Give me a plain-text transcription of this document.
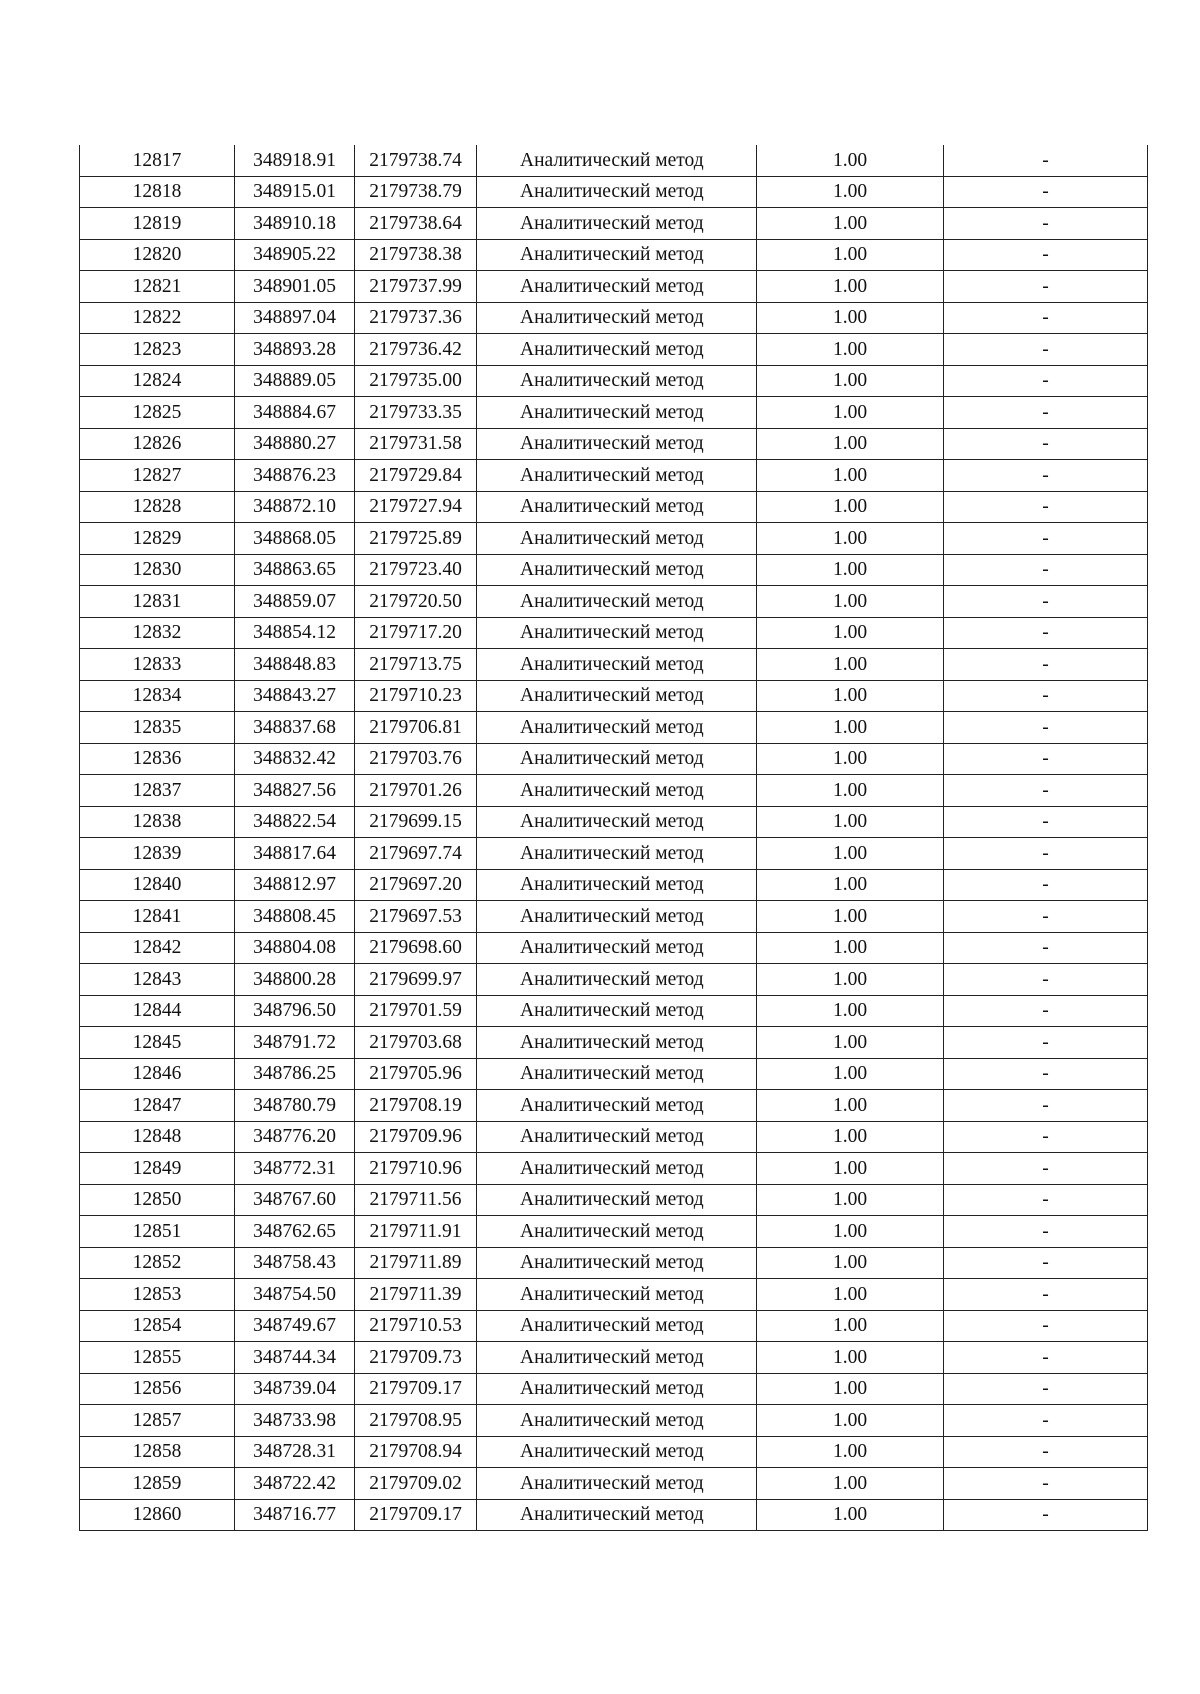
12817	348918.91	2179738.74	Аналитический метод	1.00	-
12818	348915.01	2179738.79	Аналитический метод	1.00	-
12819	348910.18	2179738.64	Аналитический метод	1.00	-
12820	348905.22	2179738.38	Аналитический метод	1.00	-
12821	348901.05	2179737.99	Аналитический метод	1.00	-
12822	348897.04	2179737.36	Аналитический метод	1.00	-
12823	348893.28	2179736.42	Аналитический метод	1.00	-
12824	348889.05	2179735.00	Аналитический метод	1.00	-
12825	348884.67	2179733.35	Аналитический метод	1.00	-
12826	348880.27	2179731.58	Аналитический метод	1.00	-
12827	348876.23	2179729.84	Аналитический метод	1.00	-
12828	348872.10	2179727.94	Аналитический метод	1.00	-
12829	348868.05	2179725.89	Аналитический метод	1.00	-
12830	348863.65	2179723.40	Аналитический метод	1.00	-
12831	348859.07	2179720.50	Аналитический метод	1.00	-
12832	348854.12	2179717.20	Аналитический метод	1.00	-
12833	348848.83	2179713.75	Аналитический метод	1.00	-
12834	348843.27	2179710.23	Аналитический метод	1.00	-
12835	348837.68	2179706.81	Аналитический метод	1.00	-
12836	348832.42	2179703.76	Аналитический метод	1.00	-
12837	348827.56	2179701.26	Аналитический метод	1.00	-
12838	348822.54	2179699.15	Аналитический метод	1.00	-
12839	348817.64	2179697.74	Аналитический метод	1.00	-
12840	348812.97	2179697.20	Аналитический метод	1.00	-
12841	348808.45	2179697.53	Аналитический метод	1.00	-
12842	348804.08	2179698.60	Аналитический метод	1.00	-
12843	348800.28	2179699.97	Аналитический метод	1.00	-
12844	348796.50	2179701.59	Аналитический метод	1.00	-
12845	348791.72	2179703.68	Аналитический метод	1.00	-
12846	348786.25	2179705.96	Аналитический метод	1.00	-
12847	348780.79	2179708.19	Аналитический метод	1.00	-
12848	348776.20	2179709.96	Аналитический метод	1.00	-
12849	348772.31	2179710.96	Аналитический метод	1.00	-
12850	348767.60	2179711.56	Аналитический метод	1.00	-
12851	348762.65	2179711.91	Аналитический метод	1.00	-
12852	348758.43	2179711.89	Аналитический метод	1.00	-
12853	348754.50	2179711.39	Аналитический метод	1.00	-
12854	348749.67	2179710.53	Аналитический метод	1.00	-
12855	348744.34	2179709.73	Аналитический метод	1.00	-
12856	348739.04	2179709.17	Аналитический метод	1.00	-
12857	348733.98	2179708.95	Аналитический метод	1.00	-
12858	348728.31	2179708.94	Аналитический метод	1.00	-
12859	348722.42	2179709.02	Аналитический метод	1.00	-
12860	348716.77	2179709.17	Аналитический метод	1.00	-
